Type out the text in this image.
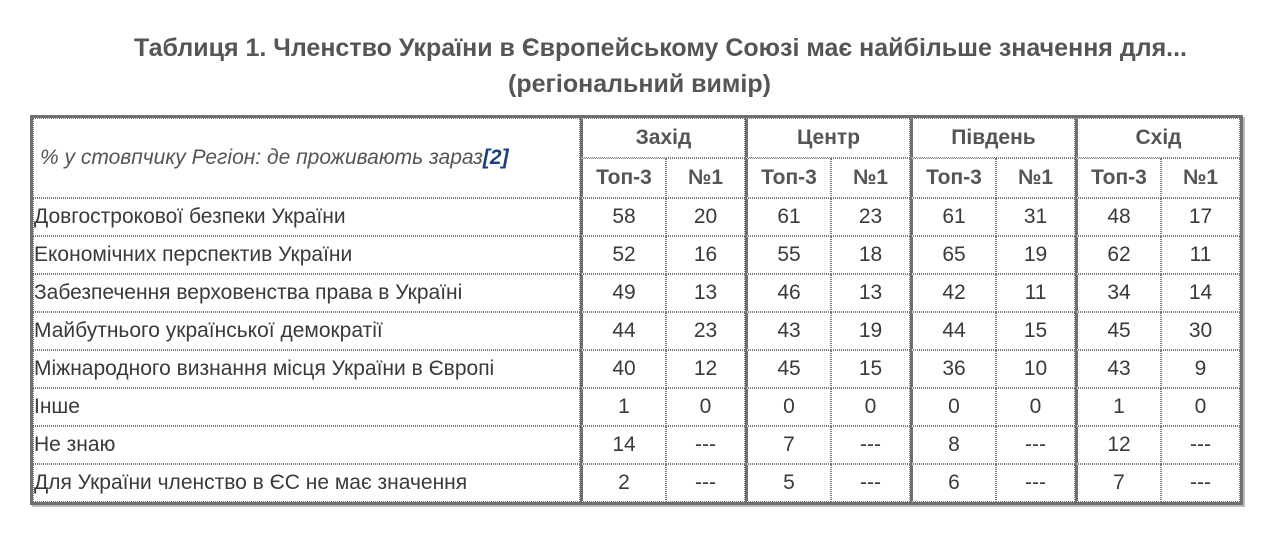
Таблиця 1. Членство України в Європейському Союзі має найбільше значення для...
(регіональний вимір)
% у стовпчику Регіон: де проживають зараз[2]	Захід		Центр		Південь		Схід	
	Топ-3	№1	Топ-3	№1	Топ-3	№1	Топ-3	№1
Довгострокової безпеки України	58	20	61	23	61	31	48	17
Економічних перспектив України	52	16	55	18	65	19	62	11
Забезпечення верховенства права в Україні	49	13	46	13	42	11	34	14
Майбутнього української демократії	44	23	43	19	44	15	45	30
Міжнародного визнання місця України в Європі	40	12	45	15	36	10	43	9
Інше	1	0	0	0	0	0	1	0
Не знаю	14	---	7	---	8	---	12	---
Для України членство в ЄС не має значення	2	---	5	---	6	---	7	---
